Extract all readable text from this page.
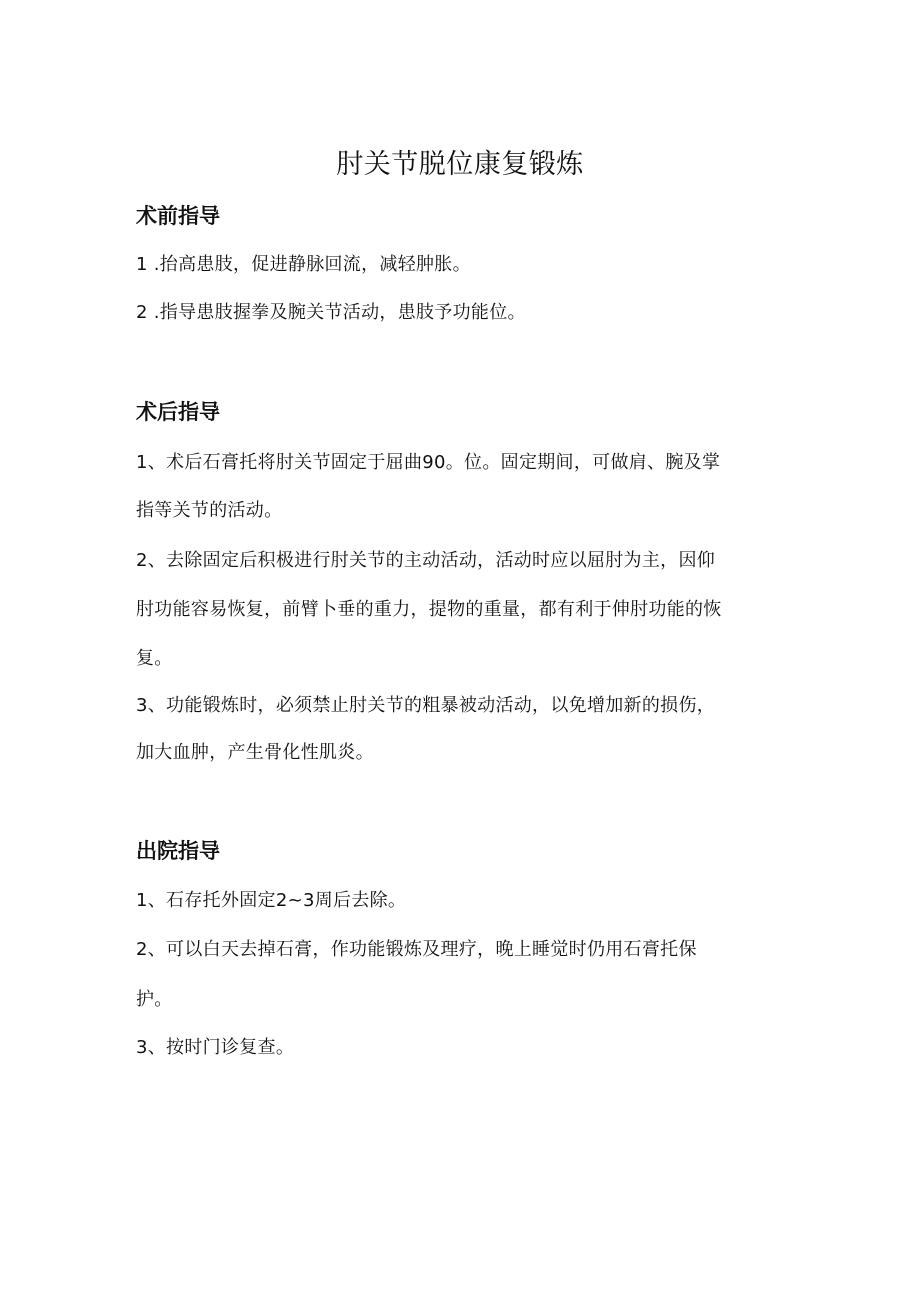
肘关节脱位康复锻炼
术前指导

1 .抬高患肢，促进静脉回流，减轻肿胀。

2 .指导患肢握拳及腕关节活动，患肢予功能位。

术后指导

1、术后石膏托将肘关节固定于屈曲90。位。固定期间，可做肩、腕及掌

指等关节的活动。

2、去除固定后积极进行肘关节的主动活动，活动时应以屈肘为主，因仰

肘功能容易恢复，前臂卜垂的重力，提物的重量，都有利于伸肘功能的恢

复。

3、功能锻炼时，必须禁止肘关节的粗暴被动活动，以免增加新的损伤，

加大血肿，产生骨化性肌炎。

出院指导

1、石存托外固定2~3周后去除。

2、可以白天去掉石膏，作功能锻炼及理疗，晚上睡觉时仍用石膏托保

护。

3、按时门诊复查。
